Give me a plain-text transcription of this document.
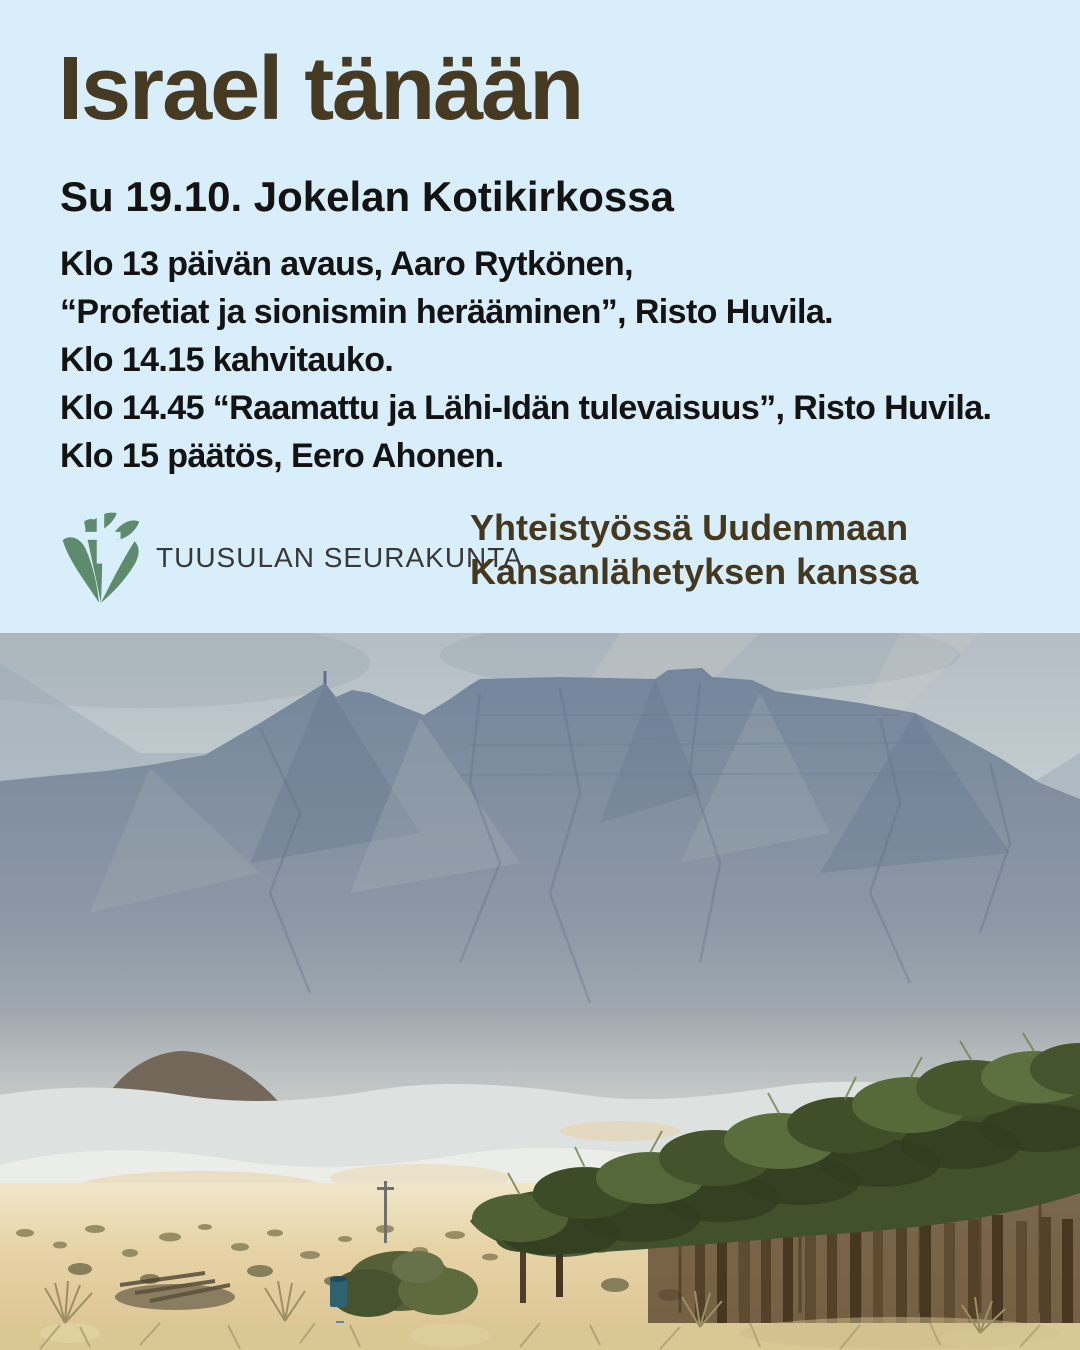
Israel tänään
Su 19.10. Jokelan Kotikirkossa

Klo 13 päivän avaus, Aaro Rytkönen,

“Profetiat ja sionismin herääminen”, Risto Huvila.

Klo 14.15 kahvitauko.

Klo 14.45 “Raamattu ja Lähi-Idän tulevaisuus”, Risto Huvila.

Klo 15 päätös, Eero Ahonen.

TUUSULAN SEURAKUNTA
Yhteistyössä Uudenmaan
Kansanlähetyksen kanssa
